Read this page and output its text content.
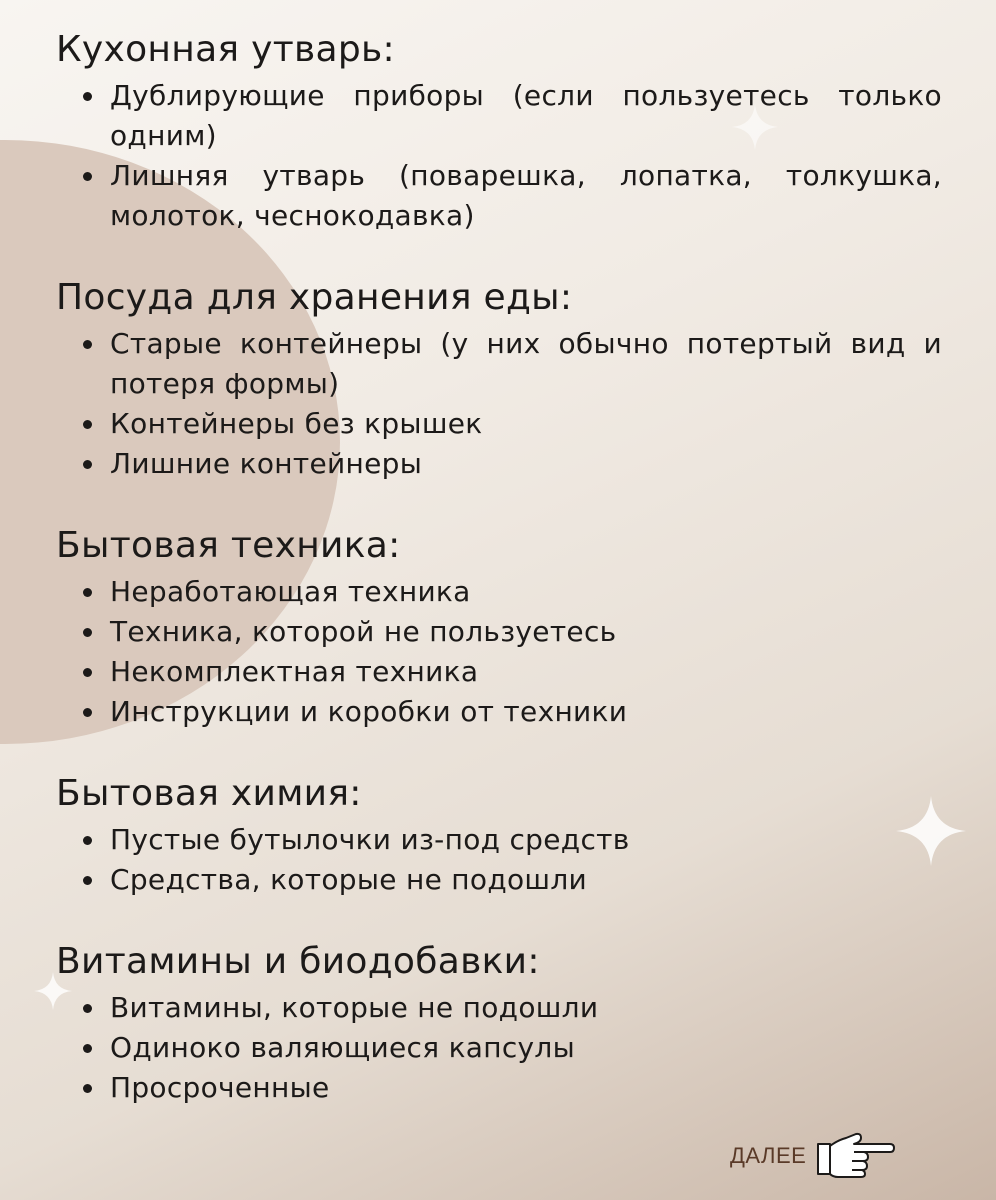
Кухонная утварь:
Дублирующие приборы (если пользуетесь только одним)
Лишняя утварь (поварешка, лопатка, толкушка, молоток, чеснокодавка)
Посуда для хранения еды:
Старые контейнеры (у них обычно потертый вид и потеря формы)
Контейнеры без крышек
Лишние контейнеры
Бытовая техника:
Неработающая техника
Техника, которой не пользуетесь
Некомплектная техника
Инструкции и коробки от техники
Бытовая химия:
Пустые бутылочки из-под средств
Средства, которые не подошли
Витамины и биодобавки:
Витамины, которые не подошли
Одиноко валяющиеся капсулы
Просроченные
ДАЛЕЕ
